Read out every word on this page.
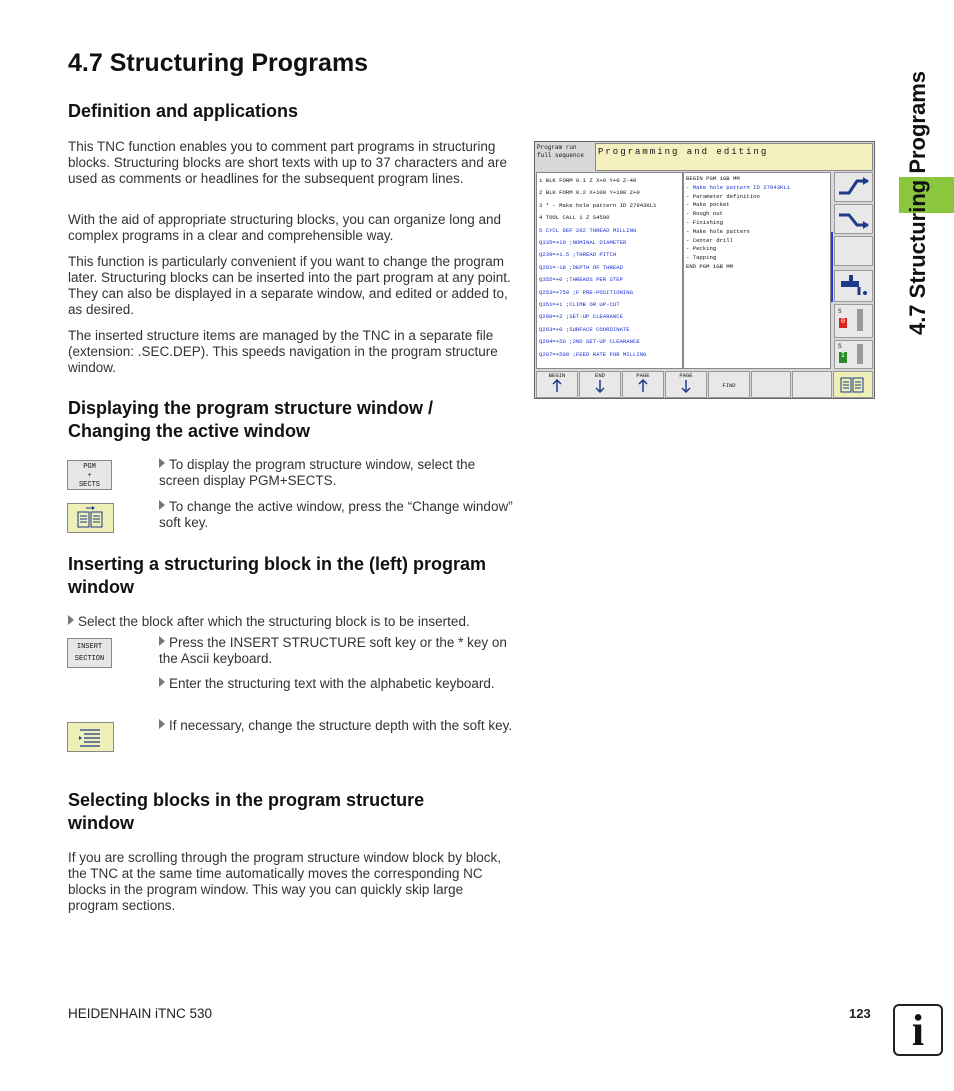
4.7 Structuring Programs
4.7 Structuring Programs
Definition and applications

This TNC function enables you to comment part programs in structuring blocks. Structuring blocks are short texts with up to 37 characters and are used as comments or headlines for the subsequent program lines.

With the aid of appropriate structuring blocks, you can organize long and complex programs in a clear and comprehensible way.

This function is particularly convenient if you want to change the program later. Structuring blocks can be inserted into the part program at any point. They can also be displayed in a separate window, and edited or added to, as desired.

The inserted structure items are managed by the TNC in a separate file (extension: .SEC.DEP). This speeds navigation in the program structure window.

Program run
full sequence	Programming and editing
1 BLK FORM 0.1 Z X+0 Y+0 Z-40
2 BLK FORM 0.2 X+100 Y+100 Z+0
3 * - Make hole pattern ID 27943KL1
4 TOOL CALL 1 Z S4500
5 CYCL DEF 202 THREAD MILLING
Q335=+10 ;NOMINAL DIAMETER
Q239=+1.5 ;THREAD PITCH
Q201=-18 ;DEPTH OF THREAD
Q355=+0 ;THREADS PER STEP
Q253=+750 ;F PRE-POSITIONING
Q351=+1 ;CLIMB OR UP-CUT
Q200=+2 ;SET-UP CLEARANCE
Q203=+0 ;SURFACE COORDINATE
Q204=+50 ;2ND SET-UP CLEARANCE
Q207=+500 ;FEED RATE FOR MILLING
BEGIN PGM 1GB MM
- Make hole pattern ID 27943KL1
- Parameter definition
- Make pocket
- Rough out
- Finishing
- Make hole pattern
- Center drill
- Pecking
- Tapping
END PGM 1GB MM
S
0
S
I
BEGIN	END	PAGE	PAGE
FIND
Displaying the program structure window /
Changing the active window
PGM
+
SECTS
To display the program structure window, select the screen display PGM+SECTS.
To change the active window, press the “Change window” soft key.
Inserting a structuring block in the (left) program
window
Select the block after which the structuring block is to be inserted.
INSERT
SECTION
Press the INSERT STRUCTURE soft key or the * key on the Ascii keyboard.
Enter the structuring text with the alphabetic keyboard.
If necessary, change the structure depth with the soft key.
Selecting blocks in the program structure
window

If you are scrolling through the program structure window block by block, the TNC at the same time automatically moves the corresponding NC blocks in the program window. This way you can quickly skip large program sections.

HEIDENHAIN iTNC 530	123 i
